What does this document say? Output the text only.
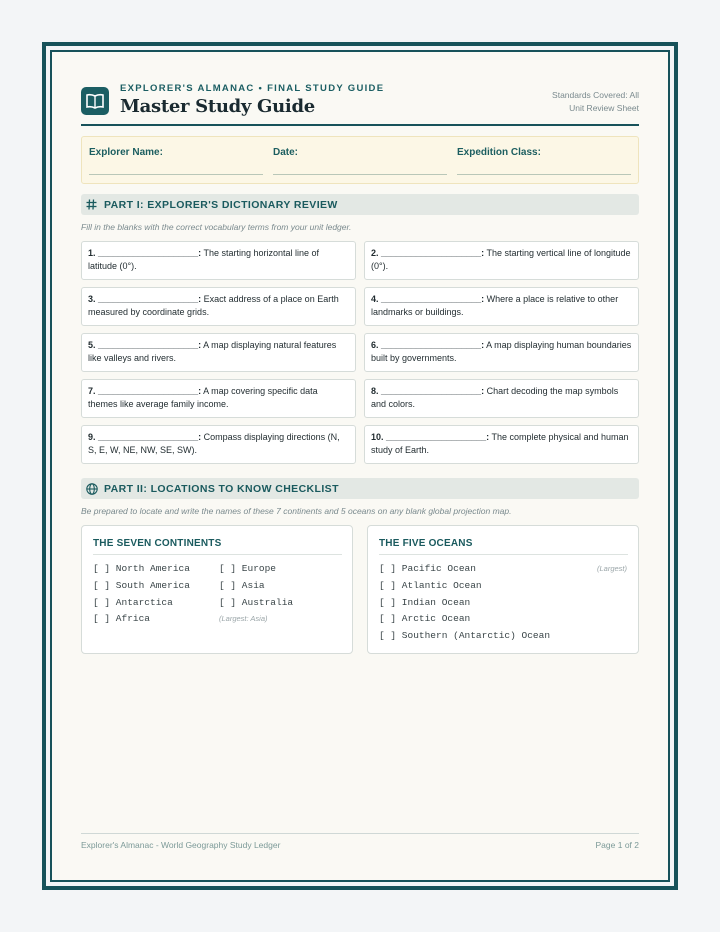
EXPLORER'S ALMANAC • FINAL STUDY GUIDE
Master Study Guide
Standards Covered: All
Unit Review Sheet
Explorer Name:	Date:	Expedition Class:
PART I: EXPLORER'S DICTIONARY REVIEW
Fill in the blanks with the correct vocabulary terms from your unit ledger.
1. ____________________: The starting horizontal line of latitude (0°).
2. ____________________: The starting vertical line of longitude (0°).
3. ____________________: Exact address of a place on Earth measured by coordinate grids.
4. ____________________: Where a place is relative to other landmarks or buildings.
5. ____________________: A map displaying natural features like valleys and rivers.
6. ____________________: A map displaying human boundaries built by governments.
7. ____________________: A map covering specific data themes like average family income.
8. ____________________: Chart decoding the map symbols and colors.
9. ____________________: Compass displaying directions (N, S, E, W, NE, NW, SE, SW).
10. ____________________: The complete physical and human study of Earth.
PART II: LOCATIONS TO KNOW CHECKLIST
Be prepared to locate and write the names of these 7 continents and 5 oceans on any blank global projection map.
THE SEVEN CONTINENTS
[ ] North America
[ ] South America
[ ] Antarctica
[ ] Africa
[ ] Europe
[ ] Asia
[ ] Australia
(Largest: Asia)
THE FIVE OCEANS
[ ] Pacific Ocean	(Largest)
[ ] Atlantic Ocean
[ ] Indian Ocean
[ ] Arctic Ocean
[ ] Southern (Antarctic) Ocean
Explorer's Almanac - World Geography Study Ledger	Page 1 of 2
